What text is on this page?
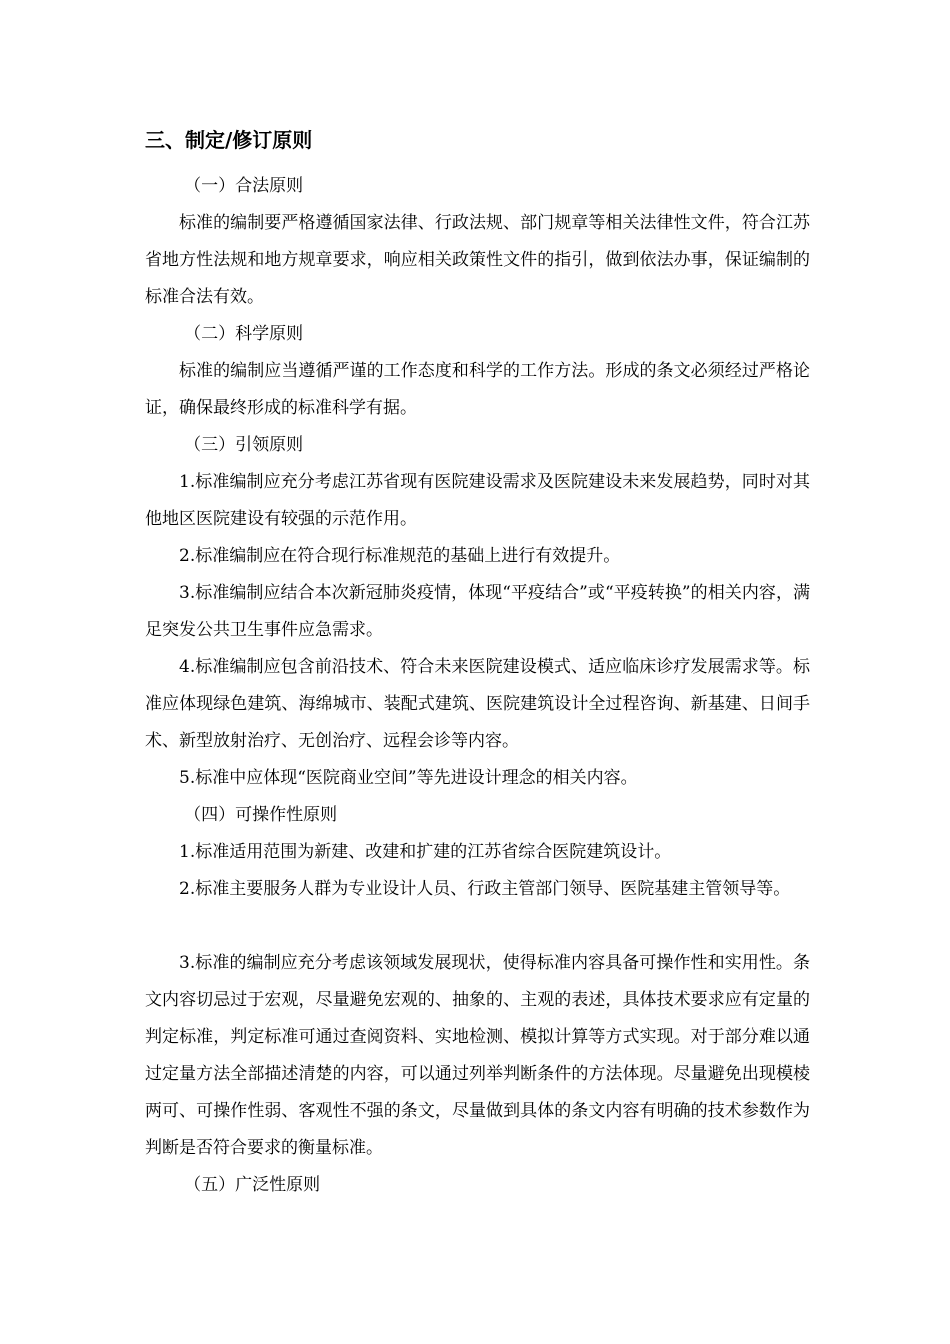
三、制定/修订原则

（一）合法原则

标准的编制要严格遵循国家法律、行政法规、部门规章等相关法律性文件，符合江苏省地方性法规和地方规章要求，响应相关政策性文件的指引，做到依法办事，保证编制的标准合法有效。

（二）科学原则

标准的编制应当遵循严谨的工作态度和科学的工作方法。形成的条文必须经过严格论证，确保最终形成的标准科学有据。

（三）引领原则

1.标准编制应充分考虑江苏省现有医院建设需求及医院建设未来发展趋势，同时对其他地区医院建设有较强的示范作用。

2.标准编制应在符合现行标准规范的基础上进行有效提升。

3.标准编制应结合本次新冠肺炎疫情，体现“平疫结合”或“平疫转换”的相关内容，满足突发公共卫生事件应急需求。

4.标准编制应包含前沿技术、符合未来医院建设模式、适应临床诊疗发展需求等。标准应体现绿色建筑、海绵城市、装配式建筑、医院建筑设计全过程咨询、新基建、日间手术、新型放射治疗、无创治疗、远程会诊等内容。

5.标准中应体现“医院商业空间”等先进设计理念的相关内容。

（四）可操作性原则

1.标准适用范围为新建、改建和扩建的江苏省综合医院建筑设计。

2.标准主要服务人群为专业设计人员、行政主管部门领导、医院基建主管领导等。

3.标准的编制应充分考虑该领域发展现状，使得标准内容具备可操作性和实用性。条文内容切忌过于宏观，尽量避免宏观的、抽象的、主观的表述，具体技术要求应有定量的判定标准，判定标准可通过查阅资料、实地检测、模拟计算等方式实现。对于部分难以通过定量方法全部描述清楚的内容，可以通过列举判断条件的方法体现。尽量避免出现模棱两可、可操作性弱、客观性不强的条文，尽量做到具体的条文内容有明确的技术参数作为判断是否符合要求的衡量标准。

（五）广泛性原则
